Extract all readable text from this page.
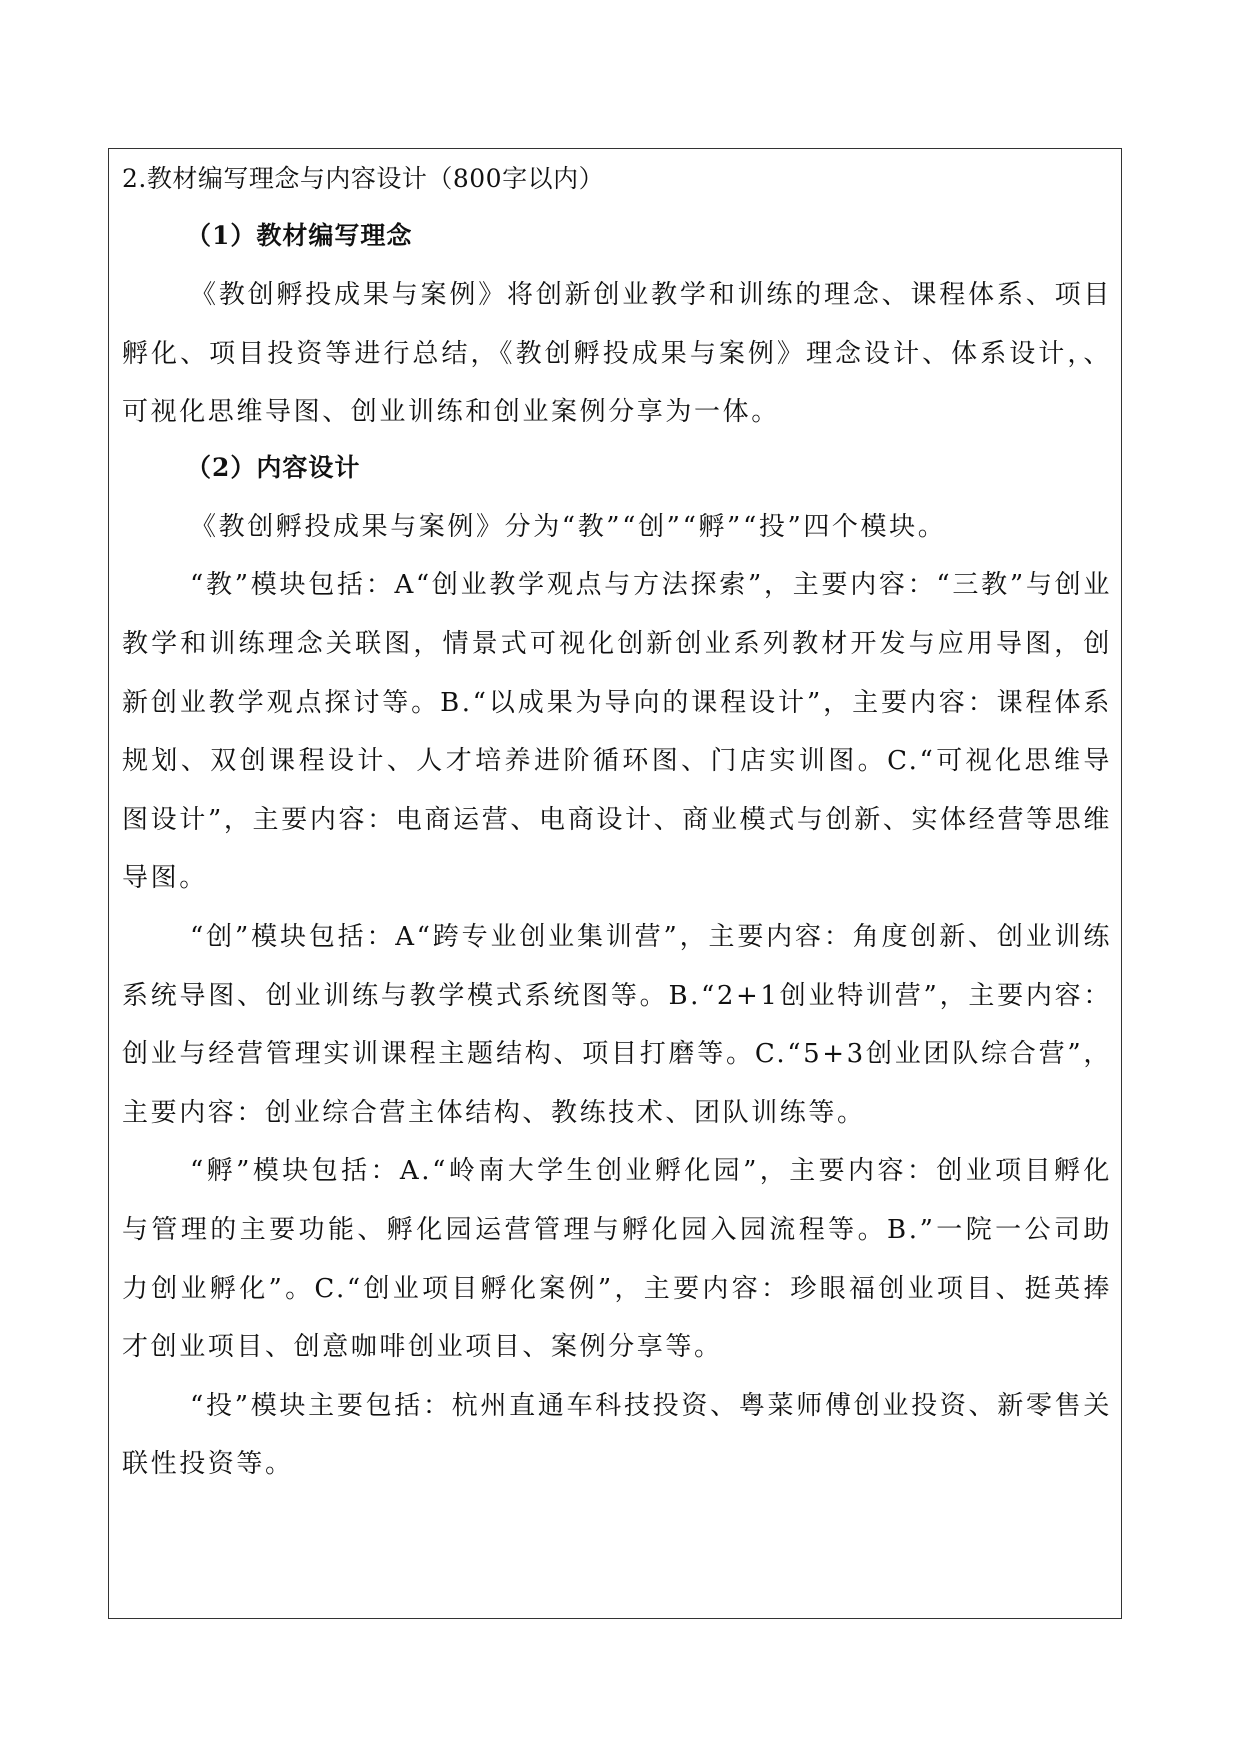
2.教材编写理念与内容设计（800字以内）
（1）教材编写理念

《教创孵投成果与案例》将创新创业教学和训练的理念、课程体系、项目孵化、项目投资等进行总结，《教创孵投成果与案例》理念设计、体系设计，、可视化思维导图、创业训练和创业案例分享为一体。

（2）内容设计

《教创孵投成果与案例》分为“教”“创”“孵”“投”四个模块。

“教”模块包括：A“创业教学观点与方法探索”，主要内容：“三教”与创业教学和训练理念关联图，情景式可视化创新创业系列教材开发与应用导图，创新创业教学观点探讨等。B.“以成果为导向的课程设计”，主要内容：课程体系规划、双创课程设计、人才培养进阶循环图、门店实训图。C.“可视化思维导图设计”，主要内容：电商运营、电商设计、商业模式与创新、实体经营等思维导图。

“创”模块包括：A“跨专业创业集训营”，主要内容：角度创新、创业训练系统导图、创业训练与教学模式系统图等。B.“2+1创业特训营”，主要内容：创业与经营管理实训课程主题结构、项目打磨等。C.“5+3创业团队综合营”，主要内容：创业综合营主体结构、教练技术、团队训练等。

“孵”模块包括：A.“岭南大学生创业孵化园”，主要内容：创业项目孵化与管理的主要功能、孵化园运营管理与孵化园入园流程等。B.”一院一公司助力创业孵化”。C.“创业项目孵化案例”，主要内容：珍眼福创业项目、挺英捧才创业项目、创意咖啡创业项目、案例分享等。

“投”模块主要包括：杭州直通车科技投资、粤菜师傅创业投资、新零售关联性投资等。
